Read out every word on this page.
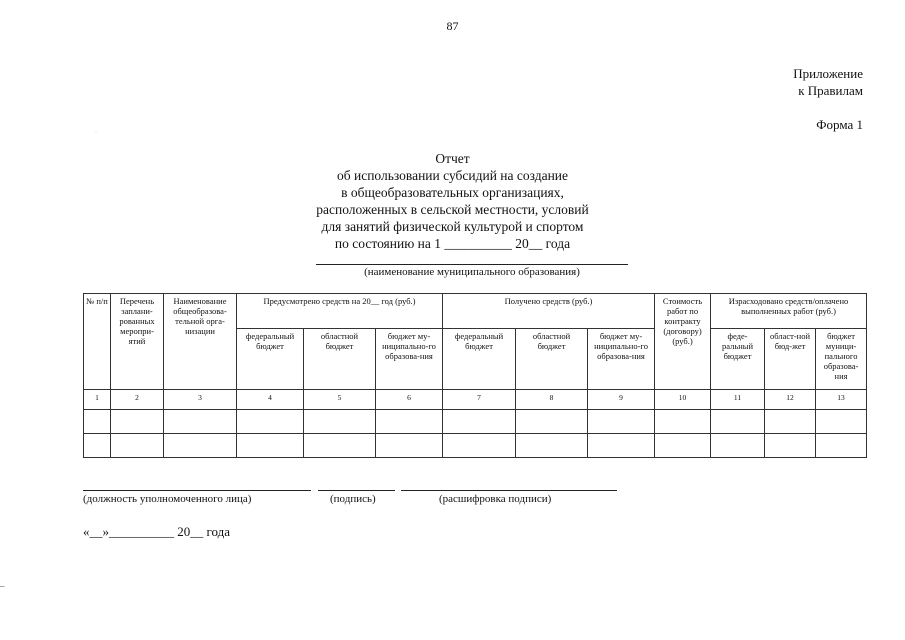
87
Приложение
к Правилам
Форма 1
·
Отчет
об использовании субсидий на создание
в общеобразовательных организациях,
расположенных в сельской местности, условий
для занятий физической культурой и спортом
по состоянию на 1 __________ 20__ года
(наименование муниципального образования)
№ п/п	Перечень заплани-рованных меропри-ятий	Наименование общеобразова-тельной орга-низации	Предусмотрено средств на 20__ год (руб.)			Получено средств (руб.)			Стоимость работ по контракту (договору) (руб.)	Израсходовано средств/оплачено выполненных работ (руб.)		
			федеральный бюджет	областной бюджет	бюджет му-ниципально-го образова-ния	федеральный бюджет	областной бюджет	бюджет му-ниципально-го образова-ния		феде-ральный бюджет	област-ной бюд-жет	бюджет муници-пального образова-ния
1	2	3	4	5	6	7	8	9	10	11	12	13

(должность уполномоченного лица)	(подпись)	(расшифровка подписи)
«__»__________ 20__ года
_
